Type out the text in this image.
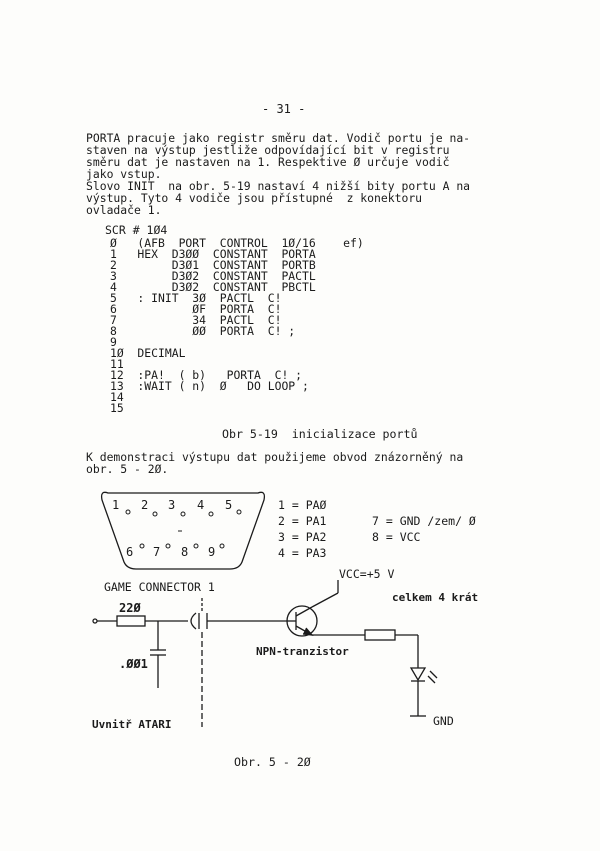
- 31 -
PORTA pracuje jako registr směru dat. Vodič portu je na-
staven na výstup jestliže odpovídající bit v registru
směru dat je nastaven na 1. Respektive Ø určuje vodič
jako vstup.
Slovo INIT  na obr. 5-19 nastaví 4 nižší bity portu A na
výstup. Tyto 4 vodiče jsou přístupné  z konektoru
ovladače 1.
SCR # 1Ø4
Ø   (AFB  PORT  CONTROL  1Ø/16    ef)
1   HEX  D3ØØ  CONSTANT  PORTA
2        D3Ø1  CONSTANT  PORTB
3        D3Ø2  CONSTANT  PACTL
4        D3Ø2  CONSTANT  PBCTL
5   : INIT  3Ø  PACTL  C!
6           ØF  PORTA  C!
7           34  PACTL  C!
8           ØØ  PORTA  C! ;
9
1Ø  DECIMAL
11
12  :PA!  ( b)   PORTA  C! ;
13  :WAIT ( n)  Ø   DO LOOP ;
14
15
Obr 5-19  inicializace portů
K demonstraci výstupu dat použijeme obvod znázorněný na
obr. 5 - 2Ø.
1 2 3 4 5
6 7 8 9
GAME CONNECTOR 1
1 = PAØ
2 = PA1
3 = PA2
4 = PA3
7 = GND /zem/ Ø
8 = VCC
VCC=+5 V
celkem 4 krát
22Ø
.ØØ1
NPN-tranzistor
Uvnitř ATARI	GND
Obr. 5 - 2Ø
